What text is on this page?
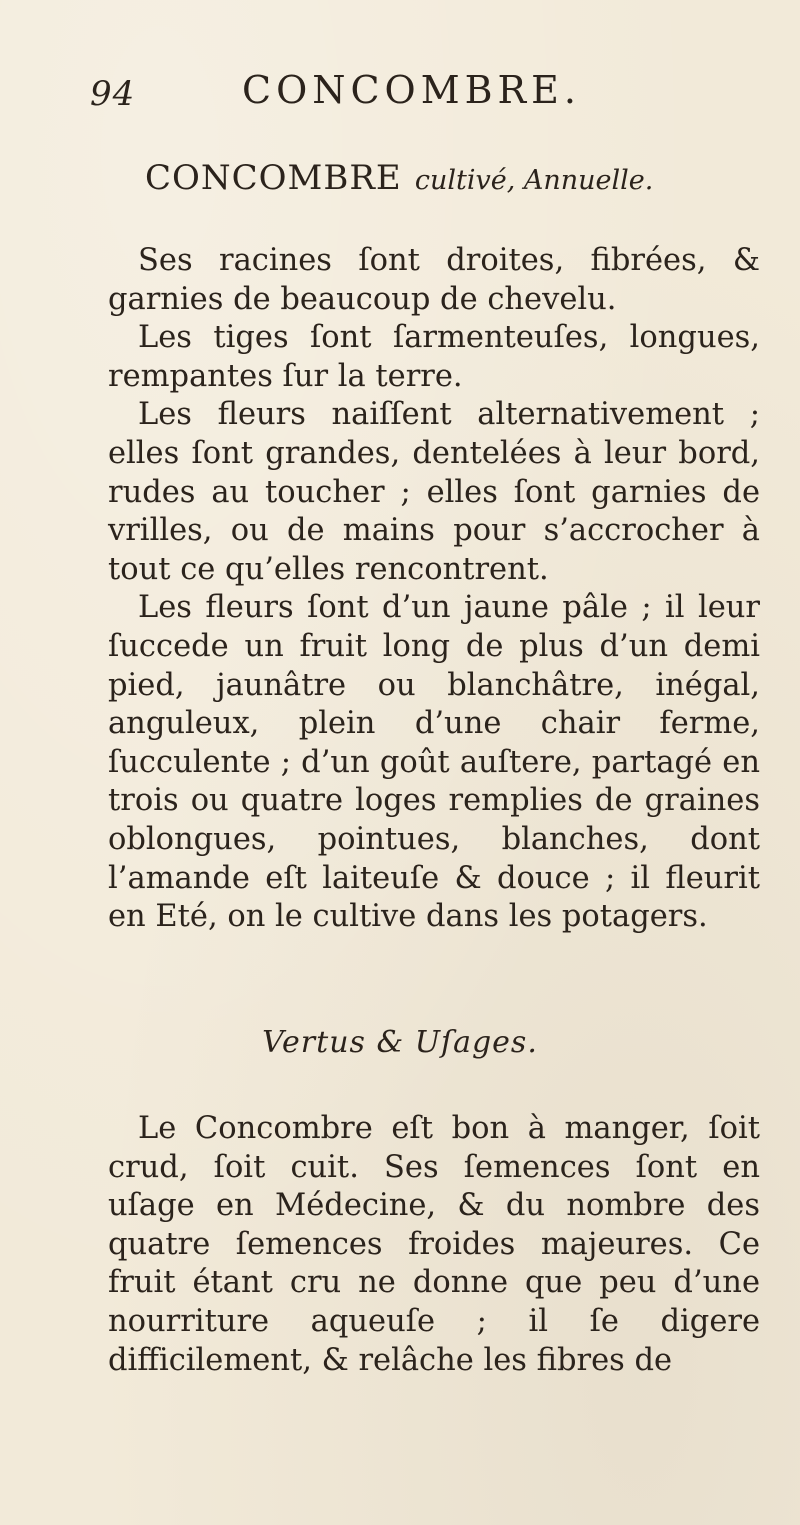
94	CONCOMBRE.
CONCOMBRE cultivé, Annuelle.

Ses racines ſont droites, fibrées, & garnies de beaucoup de chevelu.

Les tiges ſont ſarmenteuſes, longues, rempantes ſur la terre.

Les fleurs naiſſent alternativement ; elles ſont grandes, dentelées à leur bord, rudes au toucher ; elles ſont garnies de vrilles, ou de mains pour s’accrocher à tout ce qu’elles rencontrent.

Les fleurs ſont d’un jaune pâle ; il leur ſuccede un fruit long de plus d’un demi pied, jaunâtre ou blanchâtre, inégal, anguleux, plein d’une chair ferme, ſucculente ; d’un goût auſtere, partagé en trois ou quatre loges remplies de graines oblongues, pointues, blanches, dont l’amande eſt laiteuſe & douce ; il fleurit en Eté, on le cultive dans les potagers.

Vertus & Uſages.

Le Concombre eſt bon à manger, ſoit crud, ſoit cuit. Ses ſemences ſont en uſage en Médecine, & du nombre des quatre ſemences froides majeures. Ce fruit étant cru ne donne que peu d’une nourriture aqueuſe ; il ſe digere difficilement, & relâche les fibres de
